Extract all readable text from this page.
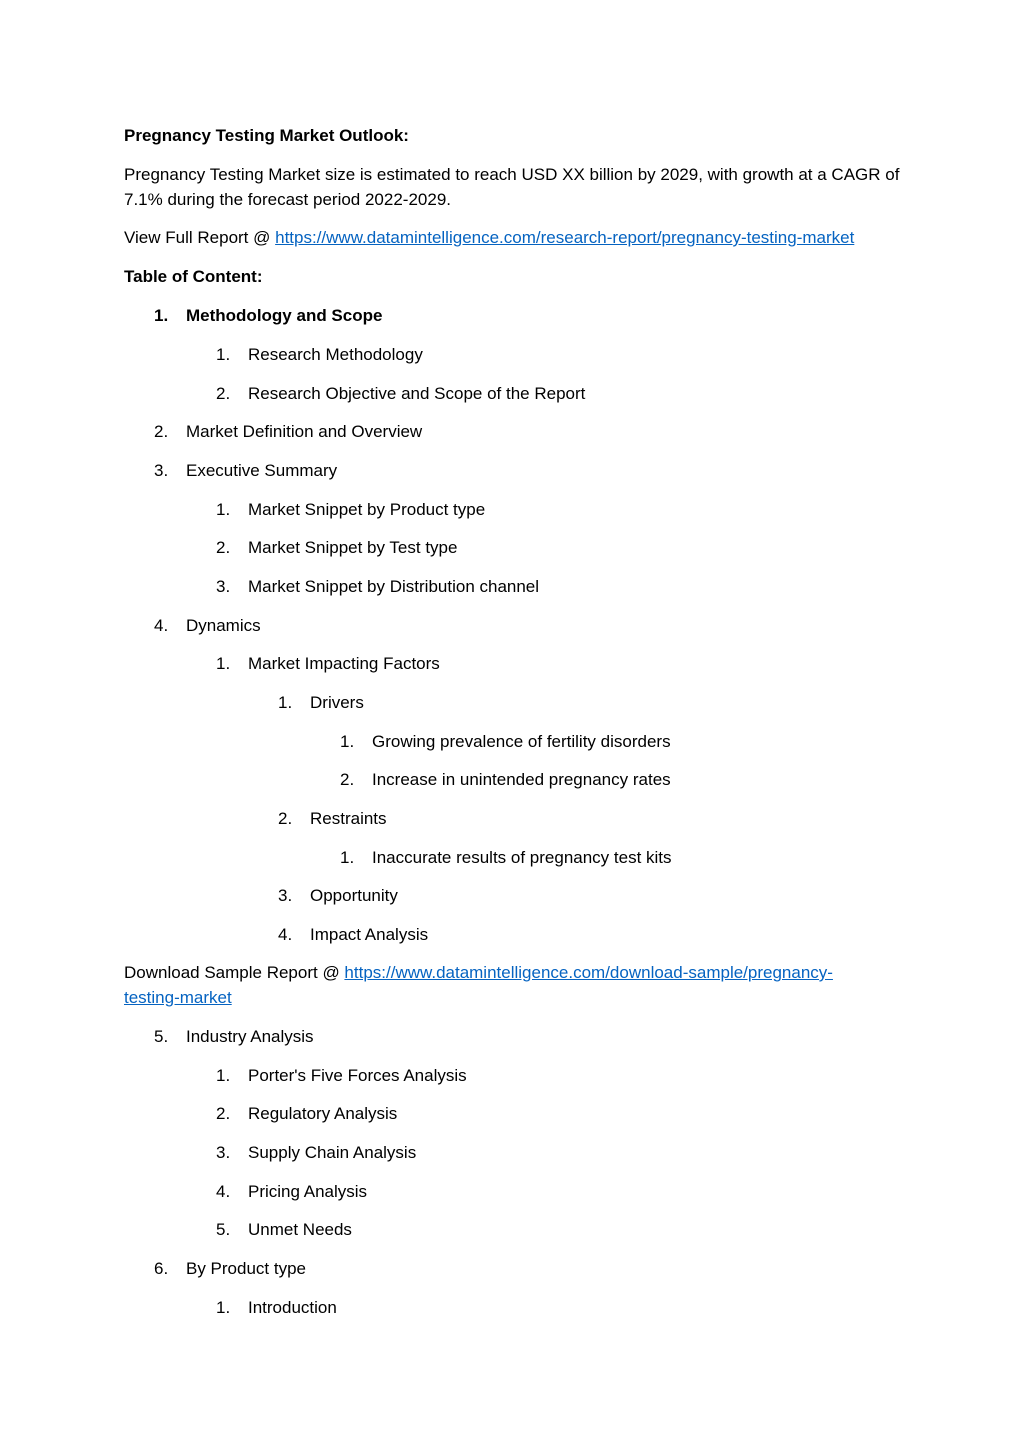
Pregnancy Testing Market Outlook:
Pregnancy Testing Market size is estimated to reach USD XX billion by 2029, with growth at a CAGR of 7.1% during the forecast period 2022-2029.
View Full Report @ https://www.datamintelligence.com/research-report/pregnancy-testing-market
Table of Content:
1. Methodology and Scope
1. Research Methodology
2. Research Objective and Scope of the Report
2. Market Definition and Overview
3. Executive Summary
1. Market Snippet by Product type
2. Market Snippet by Test type
3. Market Snippet by Distribution channel
4. Dynamics
1. Market Impacting Factors
1. Drivers
1. Growing prevalence of fertility disorders
2. Increase in unintended pregnancy rates
2. Restraints
1. Inaccurate results of pregnancy test kits
3. Opportunity
4. Impact Analysis
Download Sample Report @ https://www.datamintelligence.com/download-sample/pregnancy-
testing-market
5. Industry Analysis
1. Porter's Five Forces Analysis
2. Regulatory Analysis
3. Supply Chain Analysis
4. Pricing Analysis
5. Unmet Needs
6. By Product type
1. Introduction
